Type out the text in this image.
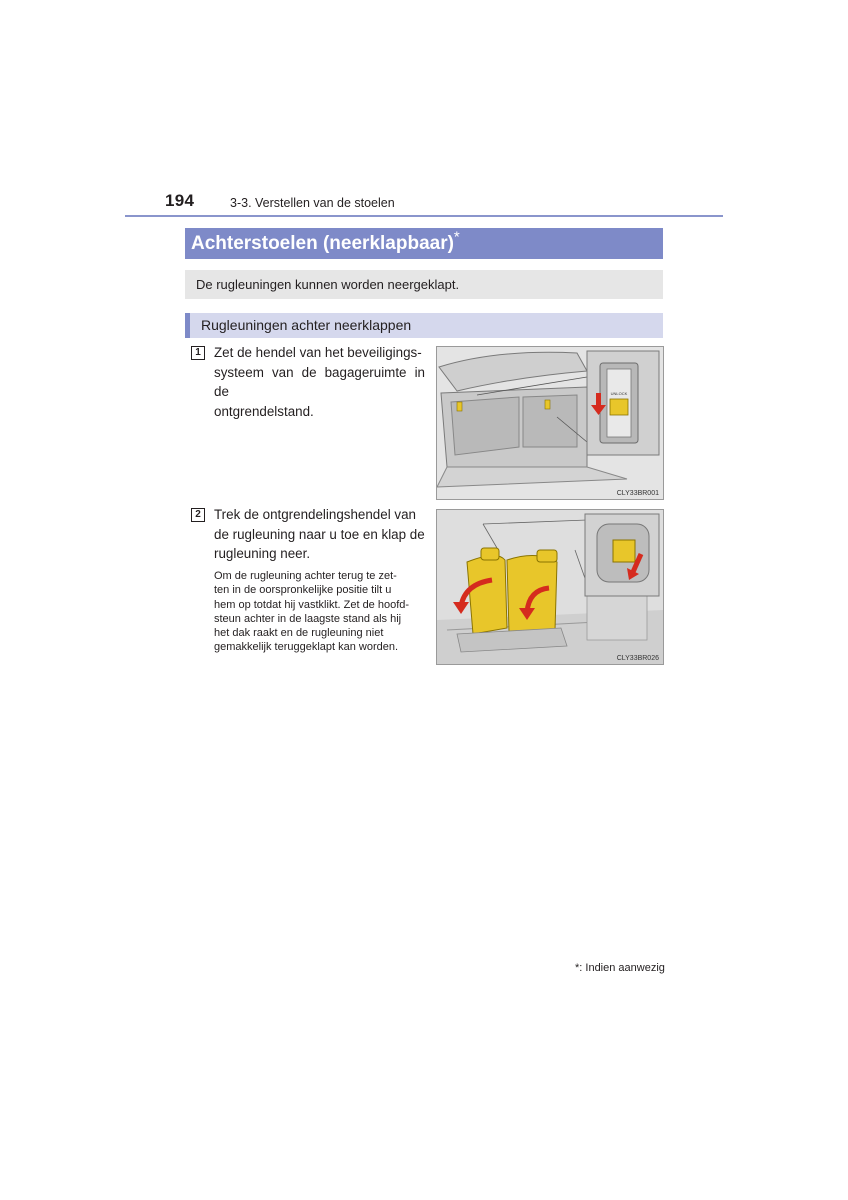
194	3-3. Verstellen van de stoelen
Achterstoelen (neerklapbaar)*
De rugleuningen kunnen worden neergeklapt.
Rugleuningen achter neerklappen
1 Zet de hendel van het beveiligings-
systeem van de bagageruimte in de
ontgrendelstand.
UNLOCK
CLY33BR001
2 Trek de ontgrendelingshendel van
de rugleuning naar u toe en klap de
rugleuning neer.
Om de rugleuning achter terug te zet-
ten in de oorspronkelijke positie tilt u
hem op totdat hij vastklikt. Zet de hoofd-
steun achter in de laagste stand als hij
het dak raakt en de rugleuning niet
gemakkelijk teruggeklapt kan worden.
CLY33BR026
*: Indien aanwezig
